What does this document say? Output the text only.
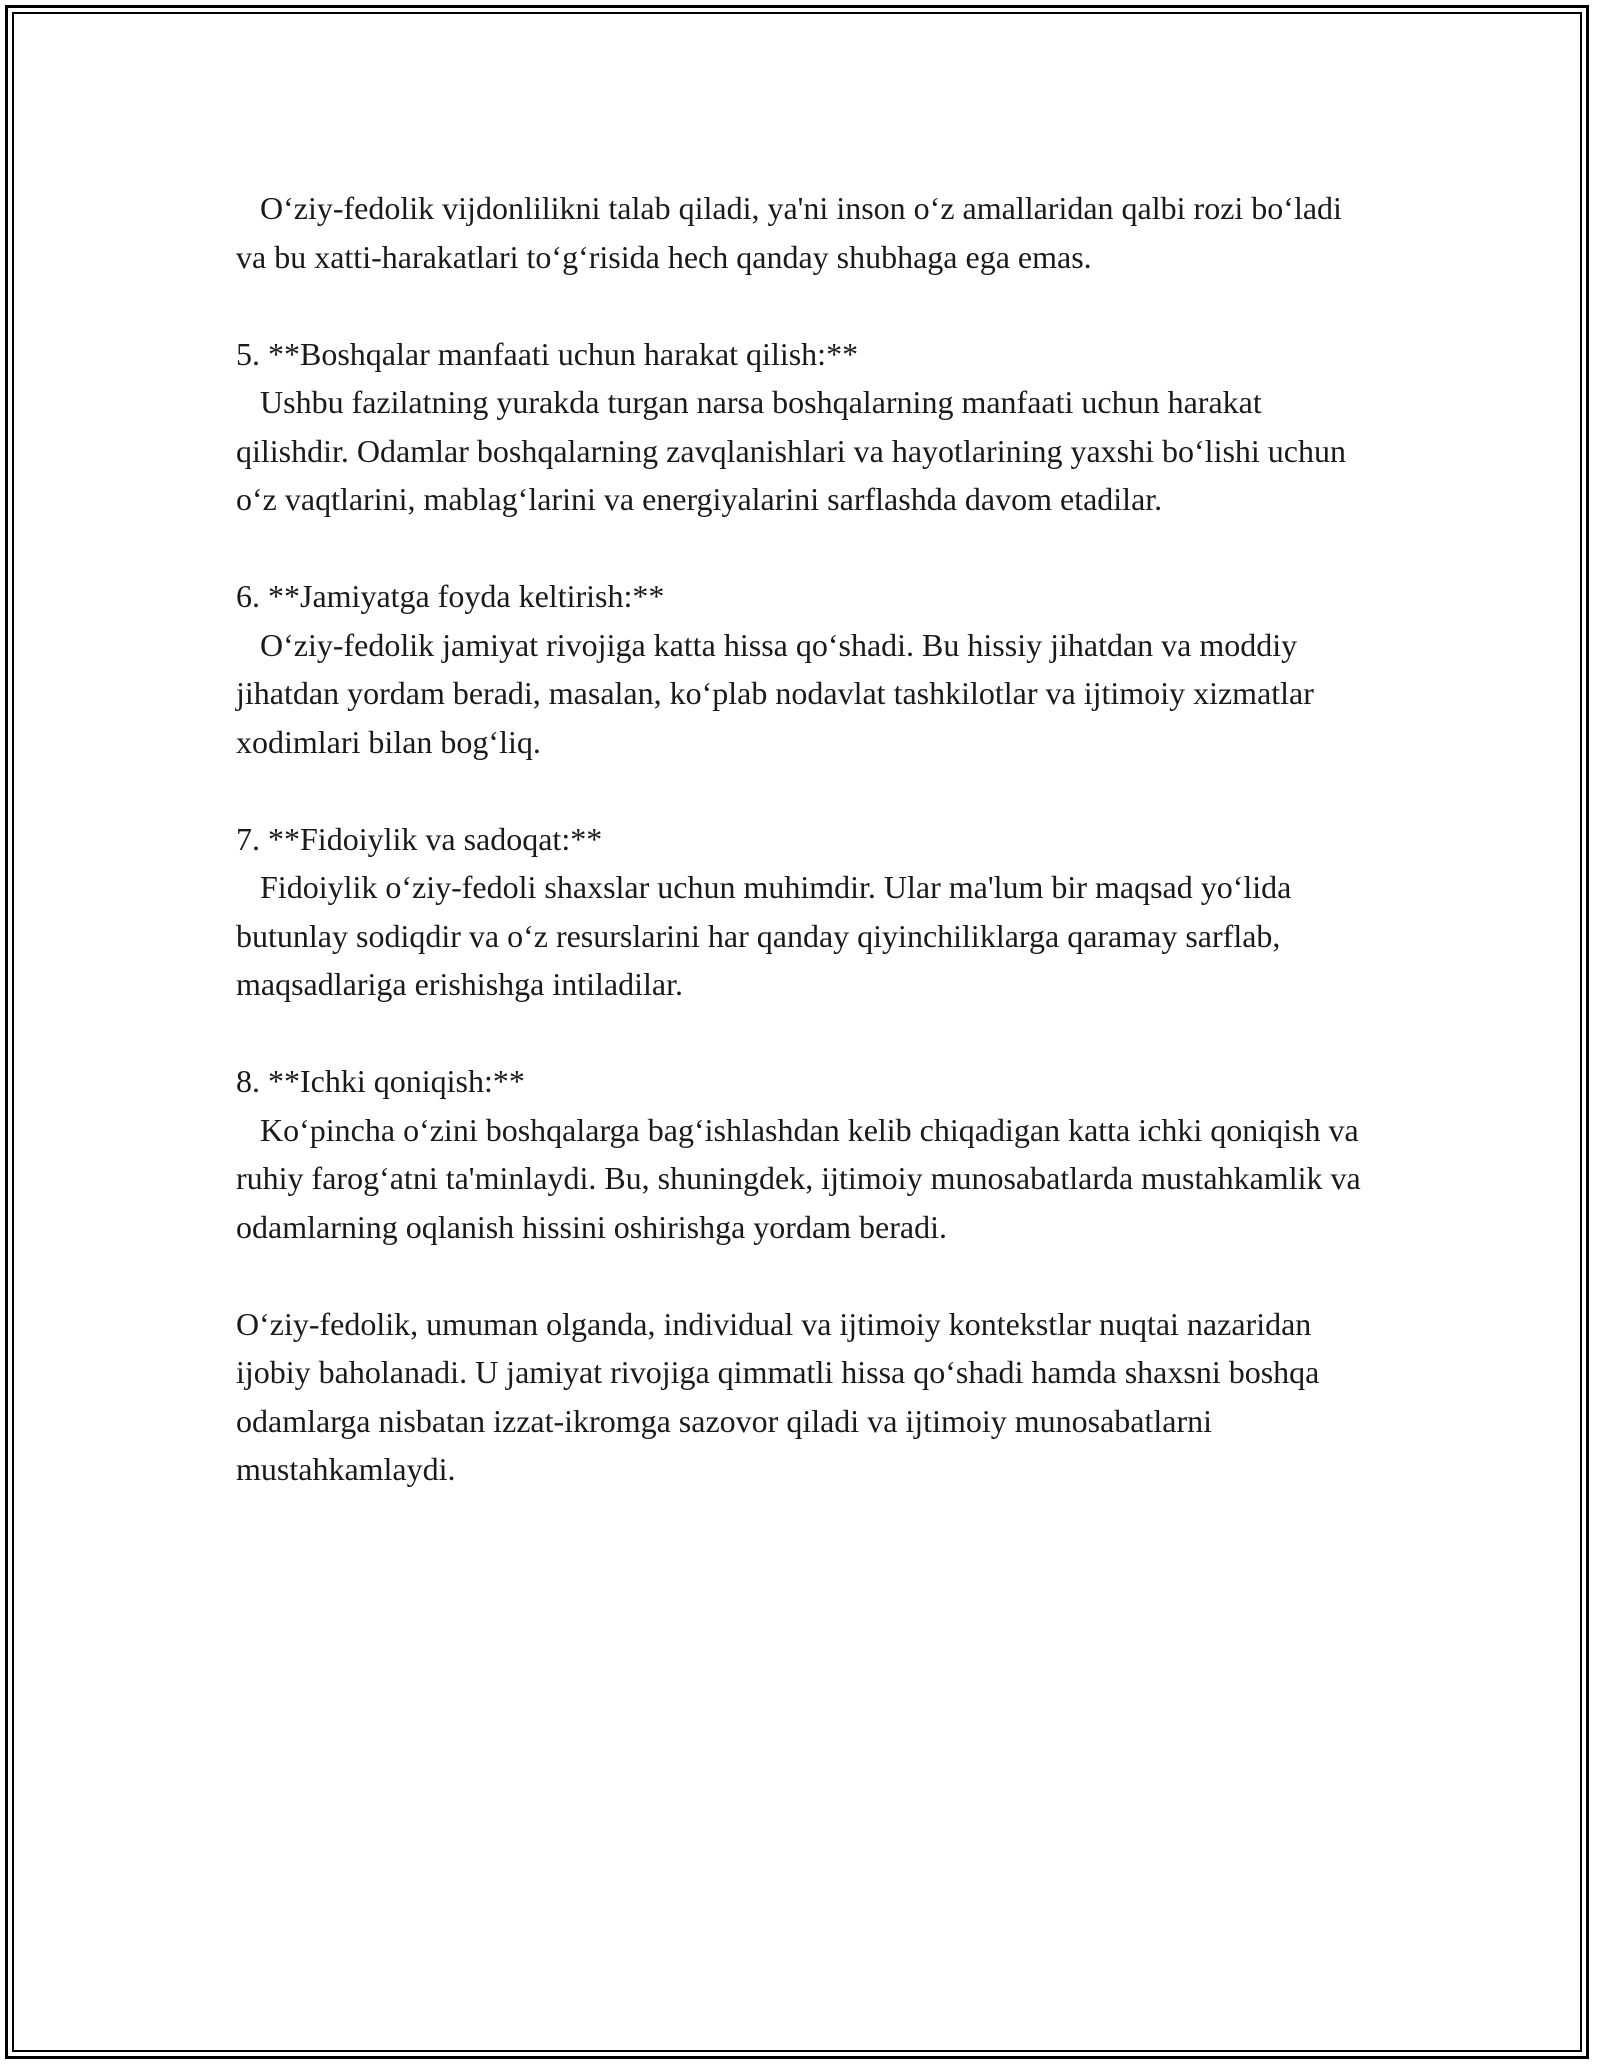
Oʻziy-fedolik vijdonlilikni talab qiladi, ya'ni inson oʻz amallaridan qalbi rozi boʻladi va bu xatti-harakatlari toʻgʻrisida hech qanday shubhaga ega emas.

5. **Boshqalar manfaati uchun harakat qilish:**

Ushbu fazilatning yurakda turgan narsa boshqalarning manfaati uchun harakat qilishdir. Odamlar boshqalarning zavqlanishlari va hayotlarining yaxshi boʻlishi uchun oʻz vaqtlarini, mablagʻlarini va energiyalarini sarflashda davom etadilar.

6. **Jamiyatga foyda keltirish:**

Oʻziy-fedolik jamiyat rivojiga katta hissa qoʻshadi. Bu hissiy jihatdan va moddiy jihatdan yordam beradi, masalan, koʻplab nodavlat tashkilotlar va ijtimoiy xizmatlar xodimlari bilan bogʻliq.

7. **Fidoiylik va sadoqat:**

Fidoiylik oʻziy-fedoli shaxslar uchun muhimdir. Ular ma'lum bir maqsad yoʻlida butunlay sodiqdir va oʻz resurslarini har qanday qiyinchiliklarga qaramay sarflab, maqsadlariga erishishga intiladilar.

8. **Ichki qoniqish:**

Koʻpincha oʻzini boshqalarga bagʻishlashdan kelib chiqadigan katta ichki qoniqish va ruhiy farogʻatni ta'minlaydi. Bu, shuningdek, ijtimoiy munosabatlarda mustahkamlik va odamlarning oqlanish hissini oshirishga yordam beradi.

Oʻziy-fedolik, umuman olganda, individual va ijtimoiy kontekstlar nuqtai nazaridan ijobiy baholanadi. U jamiyat rivojiga qimmatli hissa qoʻshadi hamda shaxsni boshqa odamlarga nisbatan izzat-ikromga sazovor qiladi va ijtimoiy munosabatlarni mustahkamlaydi.
